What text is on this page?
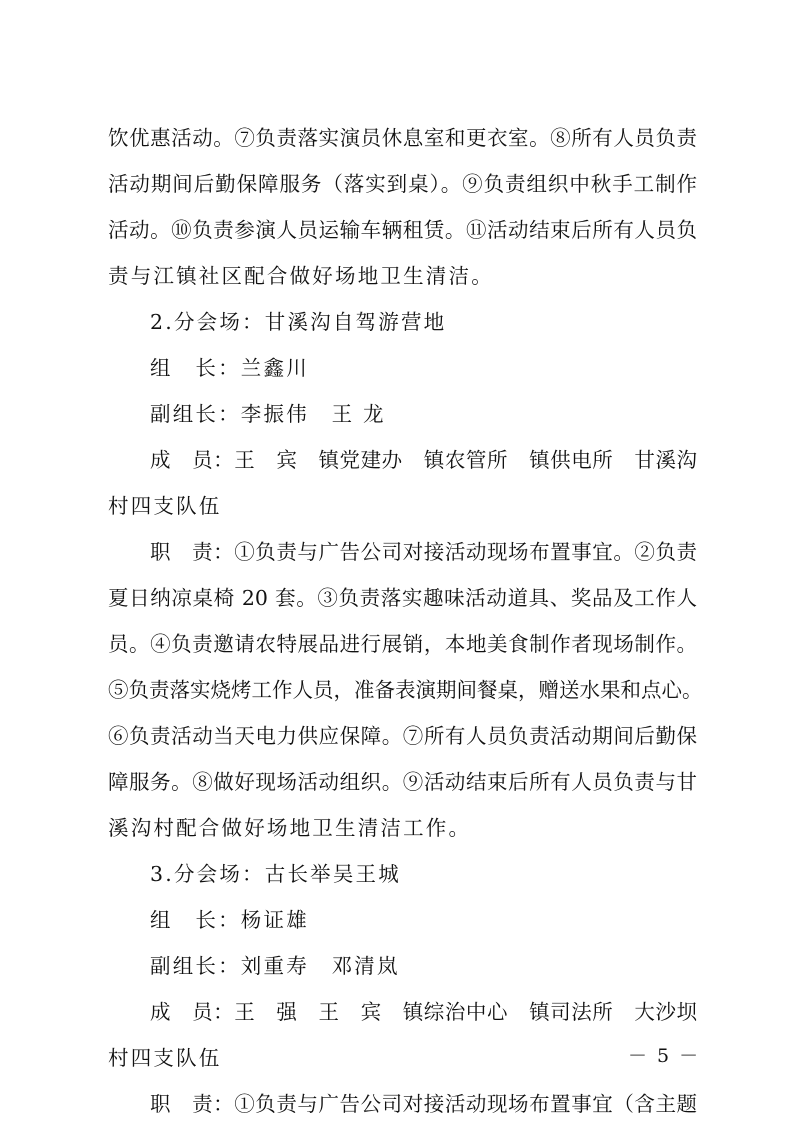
饮优惠活动。⑦负责落实演员休息室和更衣室。⑧所有人员负责
活动期间后勤保障服务（落实到桌）。⑨负责组织中秋手工制作
活动。⑩负责参演人员运输车辆租赁。⑪活动结束后所有人员负
责与江镇社区配合做好场地卫生清洁。
2.分会场：甘溪沟自驾游营地
组　长：兰鑫川
副组长：李振伟　王 龙
成　员：王　宾　镇党建办　镇农管所　镇供电所　甘溪沟
村四支队伍
职　责：①负责与广告公司对接活动现场布置事宜。②负责
夏日纳凉桌椅 20 套。③负责落实趣味活动道具、奖品及工作人
员。④负责邀请农特展品进行展销，本地美食制作者现场制作。
⑤负责落实烧烤工作人员，准备表演期间餐桌，赠送水果和点心。
⑥负责活动当天电力供应保障。⑦所有人员负责活动期间后勤保
障服务。⑧做好现场活动组织。⑨活动结束后所有人员负责与甘
溪沟村配合做好场地卫生清洁工作。
3.分会场：古长举吴王城
组　长：杨证雄
副组长：刘重寿　邓清岚
成　员：王　强　王　宾　镇综治中心　镇司法所　大沙坝
村四支队伍
职　责：①负责与广告公司对接活动现场布置事宜（含主题
－ 5 －
